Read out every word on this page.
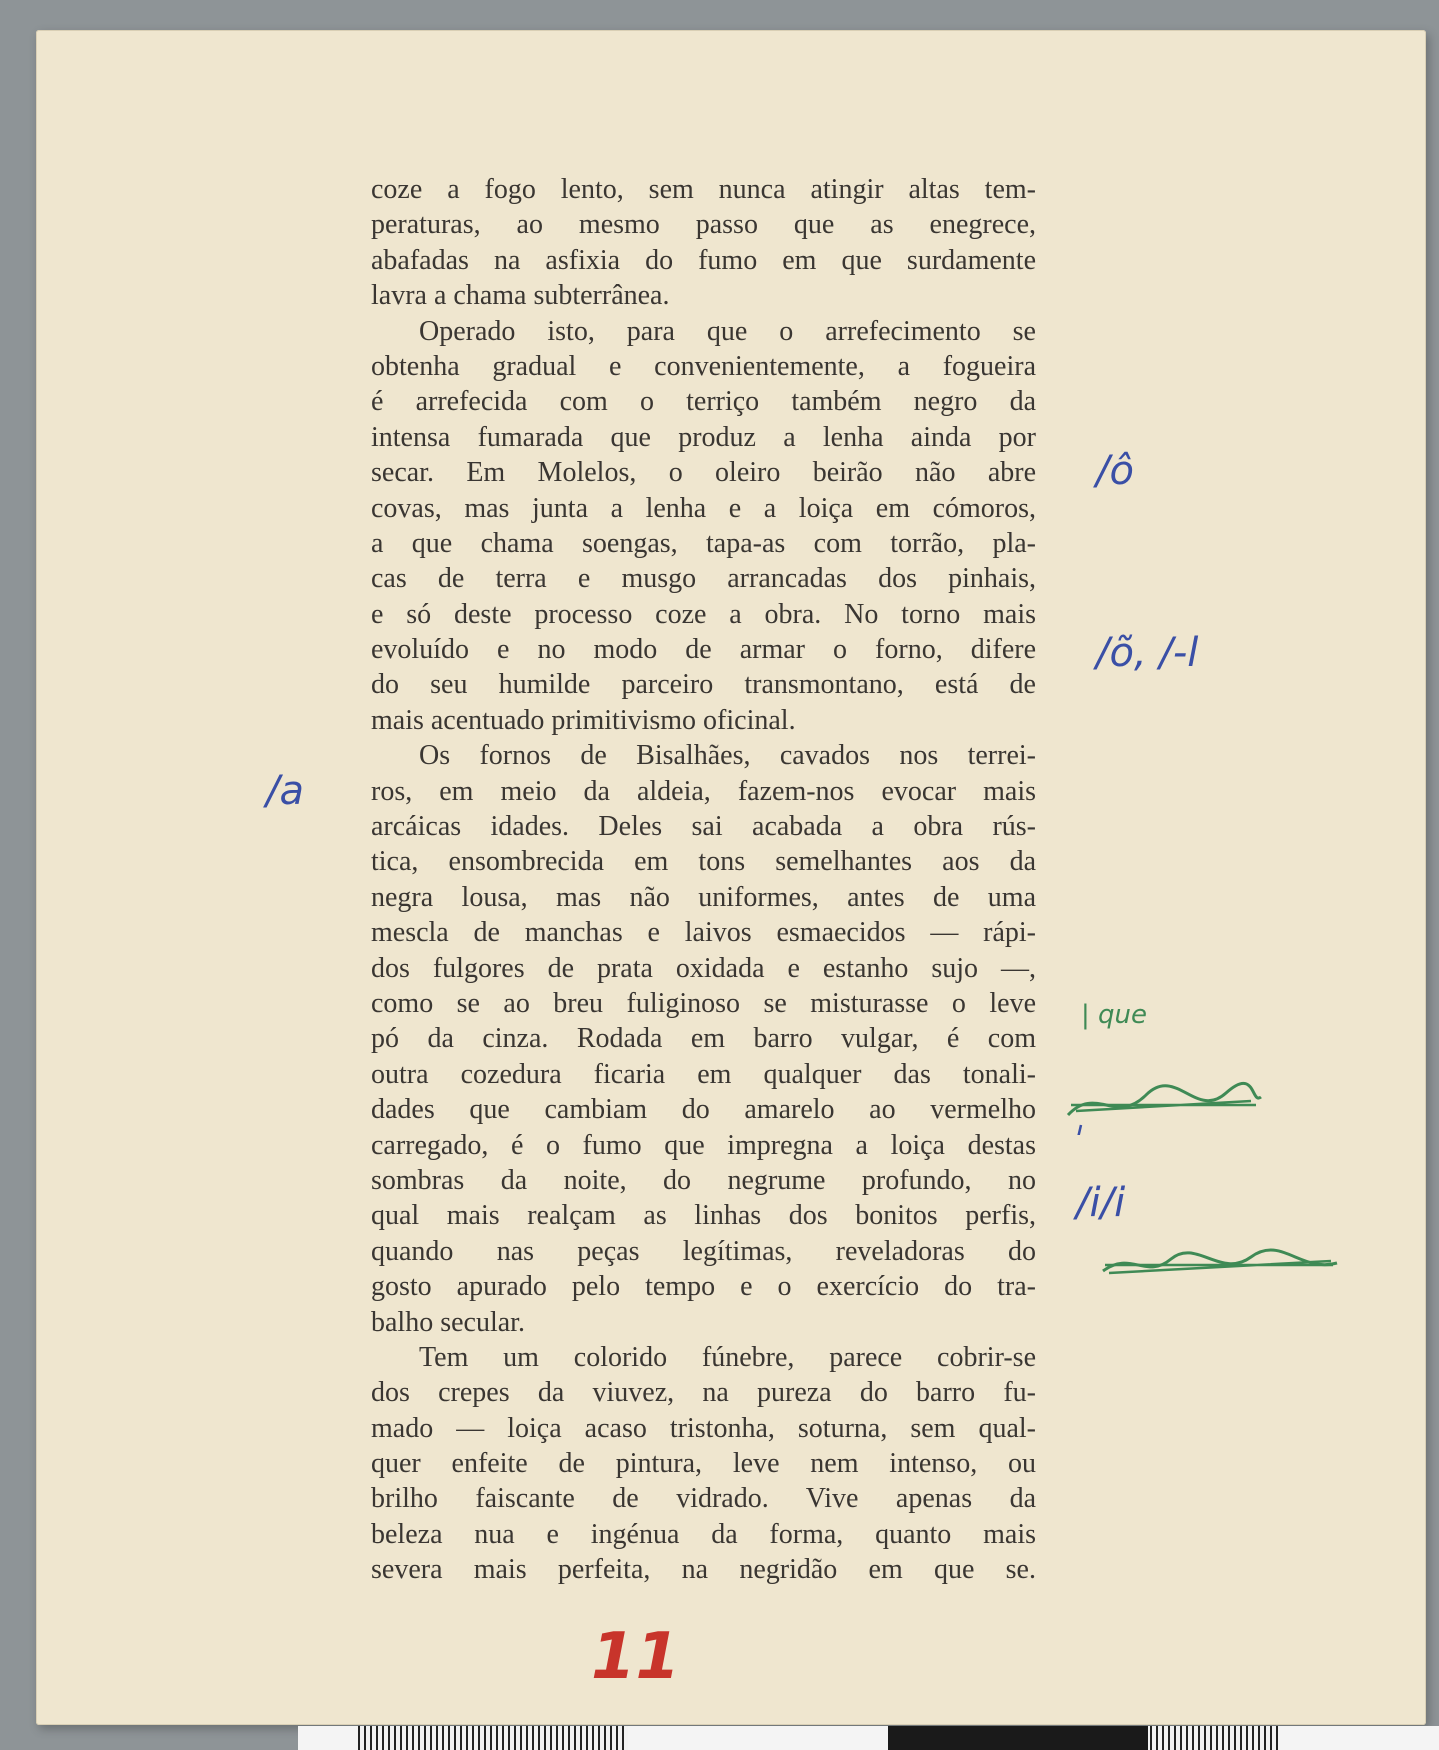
coze a fogo lento, sem nunca atingir altas tem-
peraturas, ao mesmo passo que as enegrece,
abafadas na asfixia do fumo em que surdamente
lavra a chama subterrânea.
Operado isto, para que o arrefecimento se
obtenha gradual e convenientemente, a fogueira
é arrefecida com o terriço também negro da
intensa fumarada que produz a lenha ainda por
secar. Em Molelos, o oleiro beirão não abre
covas, mas junta a lenha e a loiça em cómoros,
a que chama soengas, tapa-as com torrão, pla-
cas de terra e musgo arrancadas dos pinhais,
e só deste processo coze a obra. No torno mais
evoluído e no modo de armar o forno, difere
do seu humilde parceiro transmontano, está de
mais acentuado primitivismo oficinal.
Os fornos de Bisalhães, cavados nos terrei-
ros, em meio da aldeia, fazem-nos evocar mais
arcáicas idades. Deles sai acabada a obra rús-
tica, ensombrecida em tons semelhantes aos da
negra lousa, mas não uniformes, antes de uma
mescla de manchas e laivos esmaecidos — rápi-
dos fulgores de prata oxidada e estanho sujo —,
como se ao breu fuliginoso se misturasse o leve
pó da cinza. Rodada em barro vulgar, é com
outra cozedura ficaria em qualquer das tonali-
dades que cambiam do amarelo ao vermelho
carregado, é o fumo que impregna a loiça destas
sombras da noite, do negrume profundo, no
qual mais realçam as linhas dos bonitos perfis,
quando nas peças legítimas, reveladoras do
gosto apurado pelo tempo e o exercício do tra-
balho secular.
Tem um colorido fúnebre, parece cobrir-se
dos crepes da viuvez, na pureza do barro fu-
mado — loiça acaso tristonha, soturna, sem qual-
quer enfeite de pintura, leve nem intenso, ou
brilho faiscante de vidrado. Vive apenas da
beleza nua e ingénua da forma, quanto mais
severa mais perfeita, na negridão em que se.
/a
/ô
/õ, /-l
| que
/i/i
11
